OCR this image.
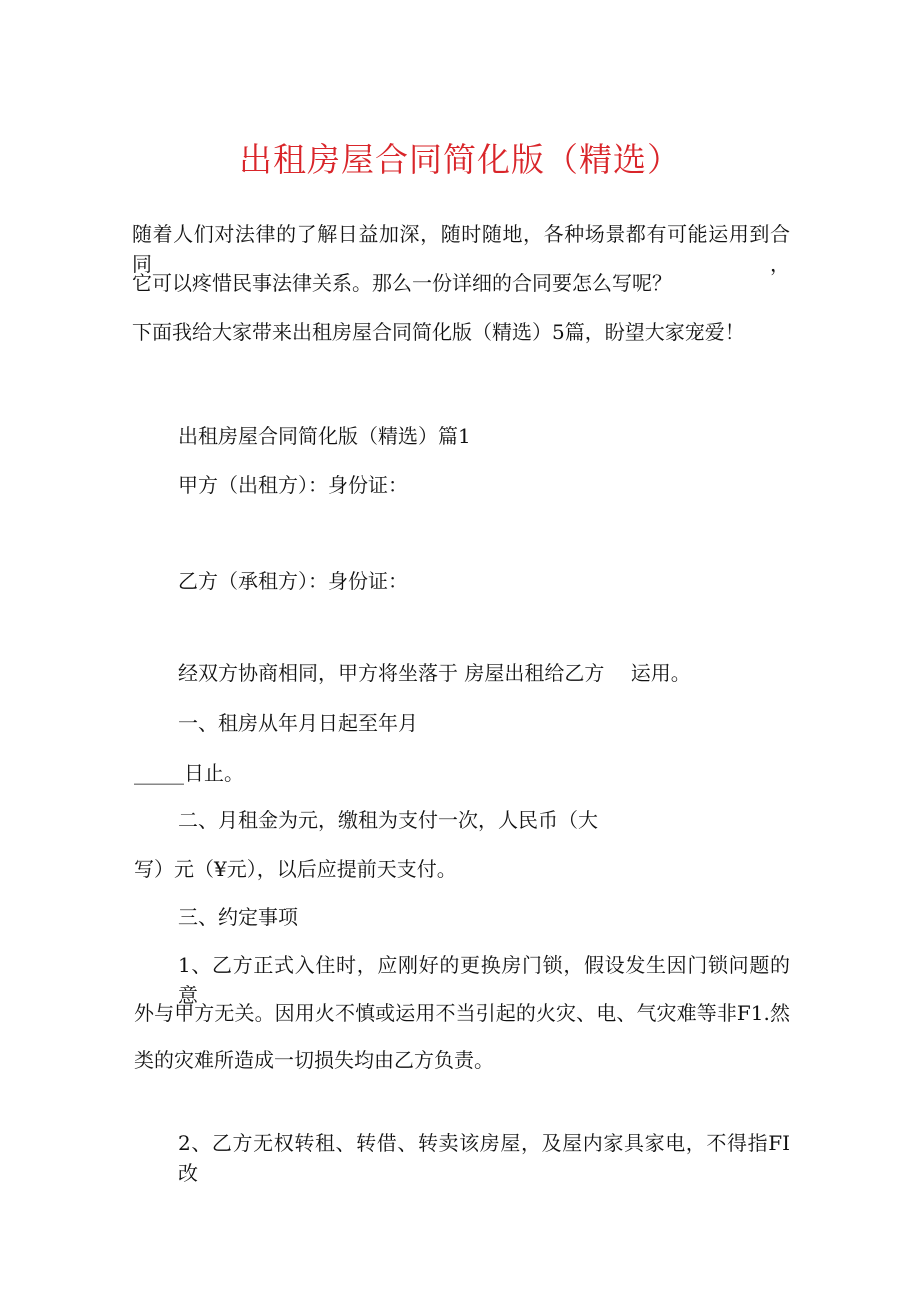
出租房屋合同简化版（精选）
随着人们对法律的了解日益加深，随时随地，各种场景都有可能运用到合同，
它可以疼惜民事法律关系。那么一份详细的合同要怎么写呢？
下面我给大家带来出租房屋合同简化版（精选）5篇，盼望大家宠爱！
出租房屋合同简化版（精选）篇1
甲方（出租方）：身份证：
乙方（承租方）：身份证：
经双方协商相同，甲方将坐落于 房屋出租给乙方　 运用。
一、租房从年月日起至年月
_____日止。
二、月租金为元，缴租为支付一次，人民币（大
写）元（¥元），以后应提前天支付。
三、约定事项
1、乙方正式入住时，应刚好的更换房门锁，假设发生因门锁问题的意
外与甲方无关。因用火不慎或运用不当引起的火灾、电、气灾难等非F1.然
类的灾难所造成一切损失均由乙方负责。
2、乙方无权转租、转借、转卖该房屋，及屋内家具家电，不得指FI改
